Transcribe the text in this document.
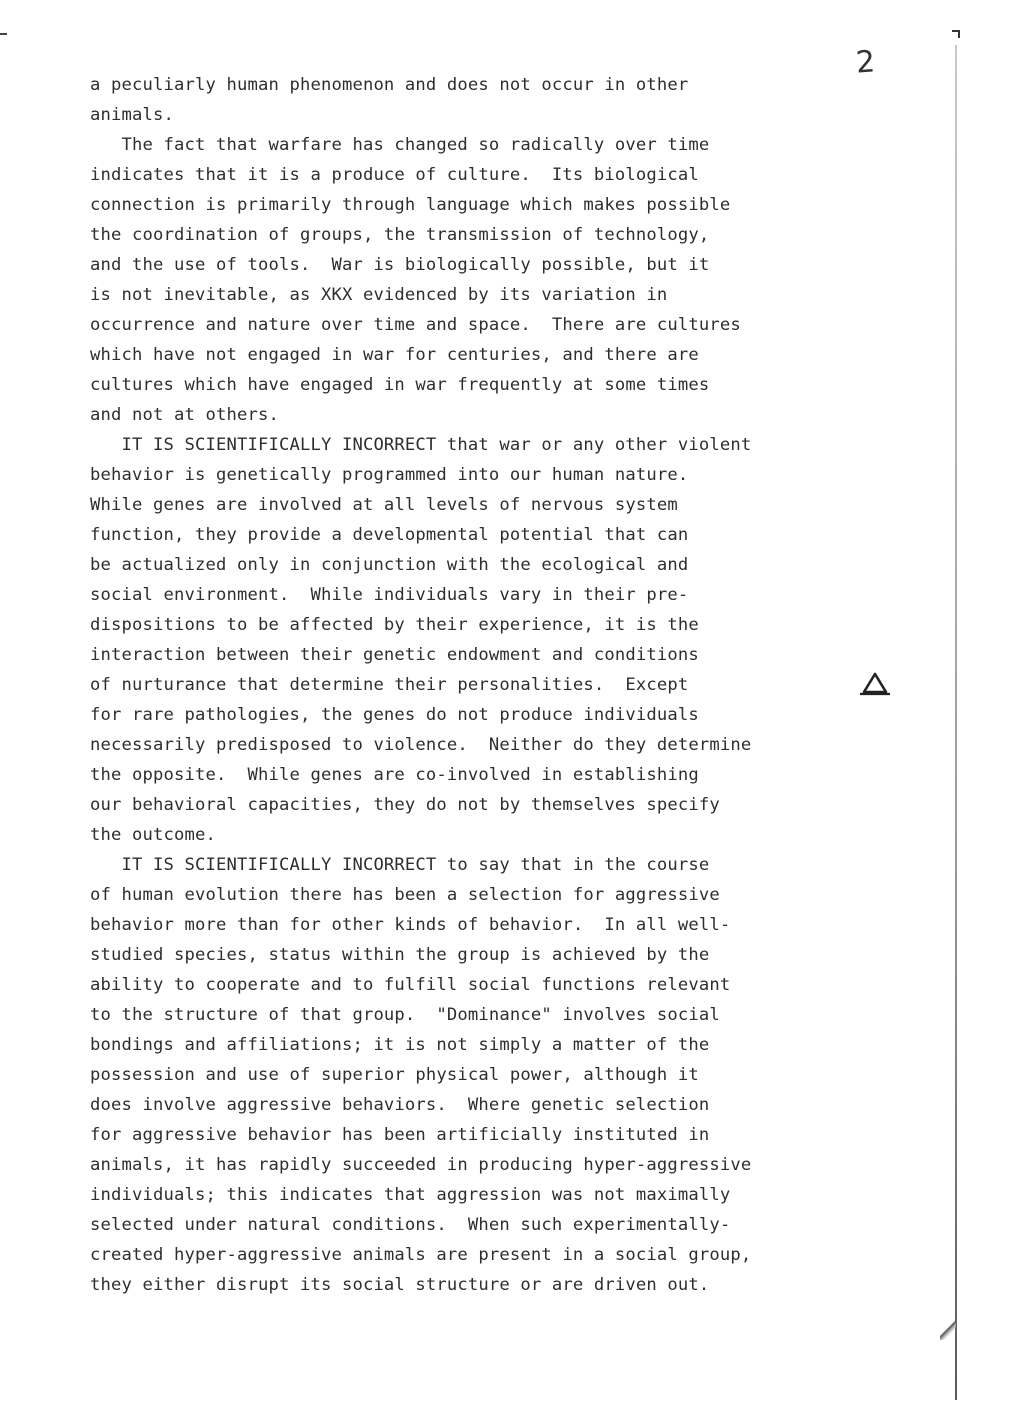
2
a peculiarly human phenomenon and does not occur in other
animals.
The fact that warfare has changed so radically over time
indicates that it is a produce of culture.  Its biological
connection is primarily through language which makes possible
the coordination of groups, the transmission of technology,
and the use of tools.  War is biologically possible, but it
is not inevitable, as XKX evidenced by its variation in
occurrence and nature over time and space.  There are cultures
which have not engaged in war for centuries, and there are
cultures which have engaged in war frequently at some times
and not at others.
IT IS SCIENTIFICALLY INCORRECT that war or any other violent
behavior is genetically programmed into our human nature.
While genes are involved at all levels of nervous system
function, they provide a developmental potential that can
be actualized only in conjunction with the ecological and
social environment.  While individuals vary in their pre-
dispositions to be affected by their experience, it is the
interaction between their genetic endowment and conditions
of nurturance that determine their personalities.  Except
for rare pathologies, the genes do not produce individuals
necessarily predisposed to violence.  Neither do they determine
the opposite.  While genes are co-involved in establishing
our behavioral capacities, they do not by themselves specify
the outcome.
IT IS SCIENTIFICALLY INCORRECT to say that in the course
of human evolution there has been a selection for aggressive
behavior more than for other kinds of behavior.  In all well-
studied species, status within the group is achieved by the
ability to cooperate and to fulfill social functions relevant
to the structure of that group.  "Dominance" involves social
bondings and affiliations; it is not simply a matter of the
possession and use of superior physical power, although it
does involve aggressive behaviors.  Where genetic selection
for aggressive behavior has been artificially instituted in
animals, it has rapidly succeeded in producing hyper-aggressive
individuals; this indicates that aggression was not maximally
selected under natural conditions.  When such experimentally-
created hyper-aggressive animals are present in a social group,
they either disrupt its social structure or are driven out.
